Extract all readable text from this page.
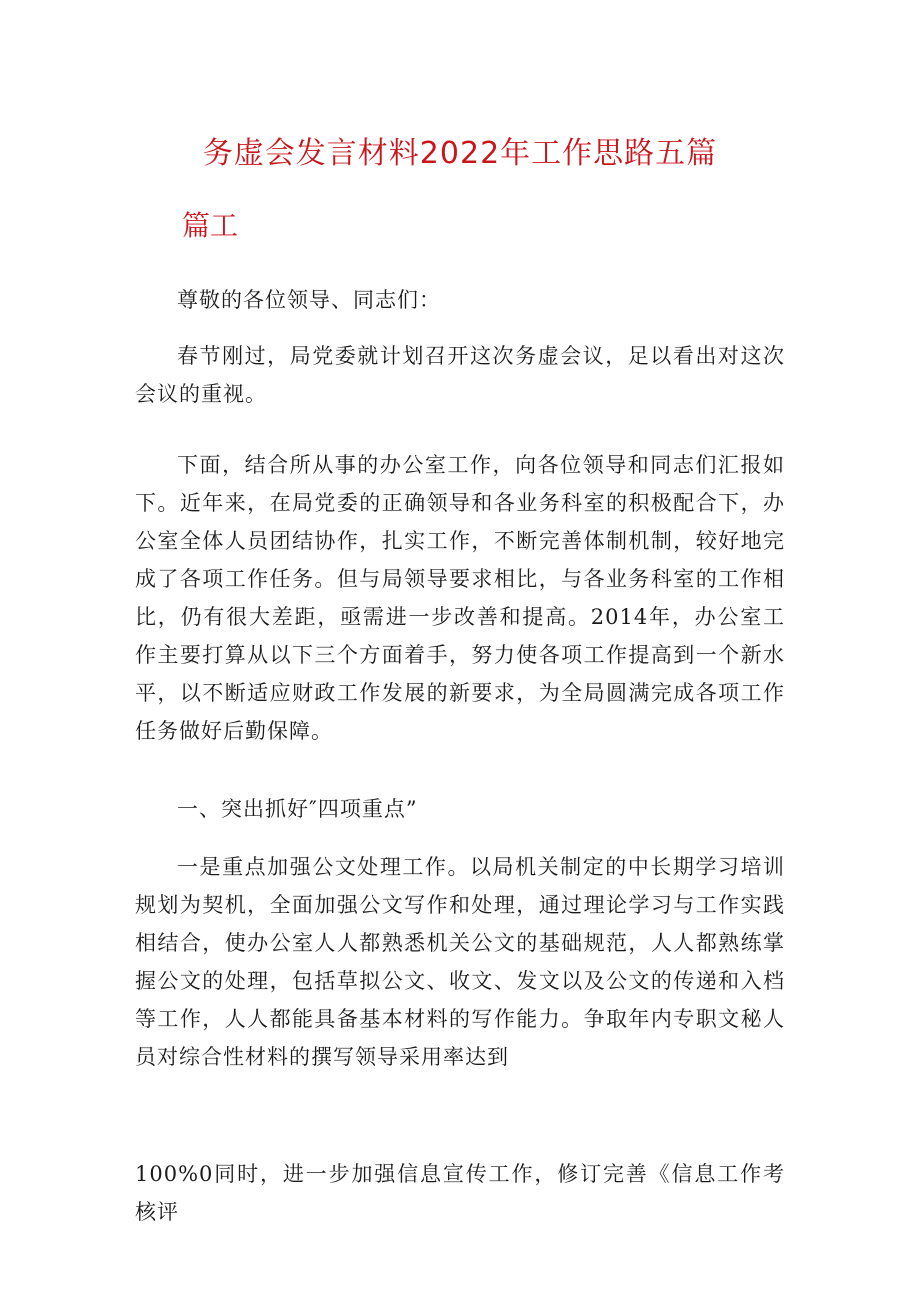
务虚会发言材料2022年工作思路五篇
篇工
尊敬的各位领导、同志们：
春节刚过，局党委就计划召开这次务虚会议，足以看出对这次会议的重视。
下面，结合所从事的办公室工作，向各位领导和同志们汇报如下。近年来，在局党委的正确领导和各业务科室的积极配合下，办公室全体人员团结协作，扎实工作，不断完善体制机制，较好地完成了各项工作任务。但与局领导要求相比，与各业务科室的工作相比，仍有很大差距，亟需进一步改善和提高。2014年，办公室工作主要打算从以下三个方面着手，努力使各项工作提高到一个新水平，以不断适应财政工作发展的新要求，为全局圆满完成各项工作任务做好后勤保障。
一、突出抓好″四项重点”
一是重点加强公文处理工作。以局机关制定的中长期学习培训规划为契机，全面加强公文写作和处理，通过理论学习与工作实践相结合，使办公室人人都熟悉机关公文的基础规范，人人都熟练掌握公文的处理，包括草拟公文、收文、发文以及公文的传递和入档等工作，人人都能具备基本材料的写作能力。争取年内专职文秘人员对综合性材料的撰写领导采用率达到
100%0同时，进一步加强信息宣传工作，修订完善《信息工作考核评
